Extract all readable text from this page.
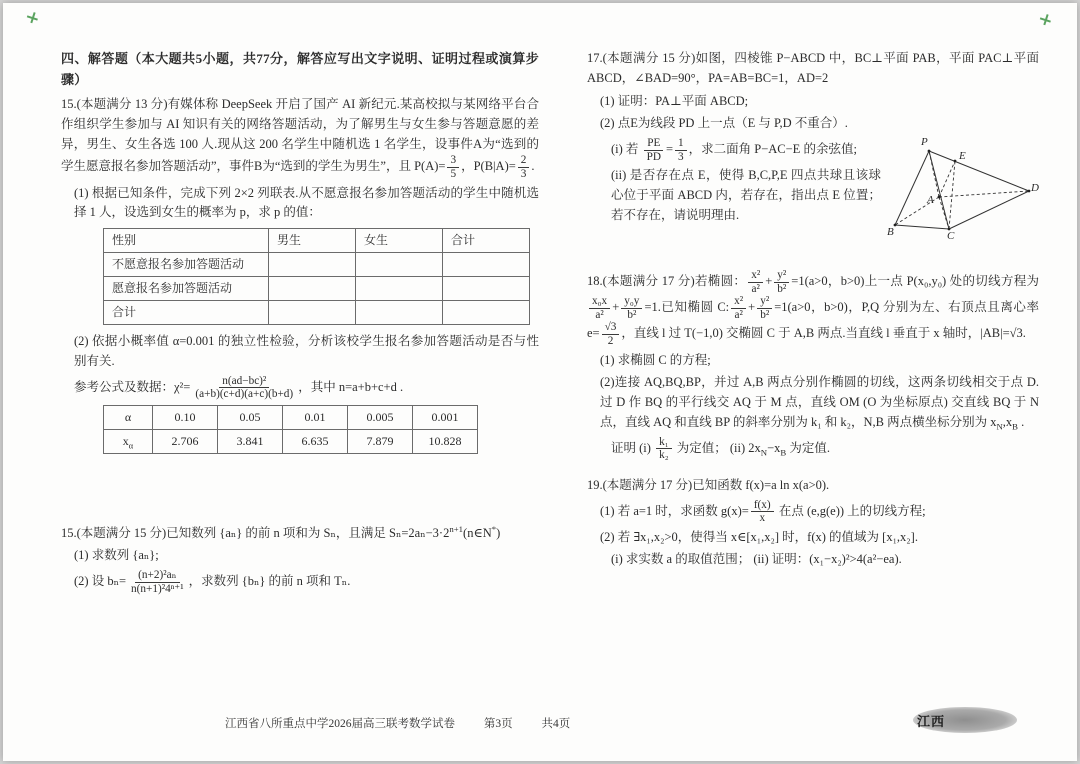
四、解答题（本大题共5小题，共77分，解答应写出文字说明、证明过程或演算步骤）

15.(本题满分 13 分)有媒体称 DeepSeek 开启了国产 AI 新纪元.某高校拟与某网络平台合作组织学生参加与 AI 知识有关的网络答题活动，为了解男生与女生参与答题意愿的差异，男生、女生各选 100 人.现从这 200 名学生中随机选 1 名学生，设事件A为“选到的学生愿意报名参加答题活动”，事件B为“选到的学生为男生”，且 $P(A)= \frac{3}{5}$ ，$P(B|A)= \frac{2}{3}$ .

(1) 根据已知条件，完成下列 2×2 列联表.从不愿意报名参加答题活动的学生中随机选择 1 人，设选到女生的概率为 p，求 p 的值：

性别	男生	女生	合计
不愿意报名参加答题活动			
愿意报名参加答题活动			
合计			

(2) 依据小概率值 α=0.001 的独立性检验，分析该校学生报名参加答题活动是否与性别有关.

参考公式及数据：$\chi^2= \frac{\text{n(ad−bc)²}}{(a+b)(c+d)(a+c)(b+d)}$ ，其中 n=a+b+c+d .

α	0.10	0.05	0.01	0.005	0.001
$x_\alpha$	2.706	3.841	6.635	7.879	10.828

15.(本题满分 15 分)已知数列 {aₙ} 的前 n 项和为 Sₙ，且满足 $S_n=2a_n-3\cdot 2^{n+1}(n\in N^*)$

(1) 求数列 {aₙ};

(2) 设 $b_n= \frac{\text{(n+2)²aₙ}}{\text{n(n+1)²4ⁿ⁺¹}}$ ，求数列 {bₙ} 的前 n 项和 Tₙ.

17.(本题满分 15 分)如图，四棱锥 P−ABCD 中，BC⊥平面 PAB，平面 PAC⊥平面 ABCD，∠BAD=90°，PA=AB=BC=1，AD=2

(1) 证明：PA⊥平面 ABCD;

(2) 点E为线段 PD 上一点（E 与 P,D 不重合）.

P
E
A
D
B	C

(i) 若 $\frac{PE}{PD} = \frac{1}{3}$ ，求二面角 P−AC−E 的余弦值;

(ii) 是否存在点 E，使得 B,C,P,E 四点共球且该球心位于平面 ABCD 内，若存在，指出点 E 位置；若不存在，请说明理由.

18.(本题满分 17 分)若椭圆： $\frac{\text{x²}}{\text{a²}} + \frac{\text{y²}}{\text{b²}} =1(a>0$，b>0)上一点 P(x₀,y₀) 处的切线方程为
$\frac{\text{x₀x}}{\text{a²}} + \frac{\text{y₀y}}{\text{b²}} =1$.已知椭圆 C: $\frac{\text{x²}}{\text{a²}} + \frac{\text{y²}}{\text{b²}} =1(a>0$，b>0)，P,Q 分别为左、右顶点且离心率 $e= \frac{√3}{2}$ ，直线 l 过 T(−1,0) 交椭圆 C 于 A,B 两点.当直线 l 垂直于 x 轴时，|AB|=√3.

(1) 求椭圆 C 的方程;

(2)连接 AQ,BQ,BP，并过 A,B 两点分别作椭圆的切线，这两条切线相交于点 D.过 D 作 BQ 的平行线交 AQ 于 M 点，直线 OM (O 为坐标原点) 交直线 BQ 于 N 点，直线 AQ 和直线 BP 的斜率分别为 k₁ 和 k₂，N,B 两点横坐标分别为 $x_N,x_B$ .

证明 $(i) \frac{\text{k₁}}{\text{k₂}}$ 为定值； (ii) $2x_N-x_B$ 为定值.

19.(本题满分 17 分)已知函数 f(x)=a ln x(a>0).

(1) 若 a=1 时，求函数 $g(x)= \frac{f(x)}{x}$ 在点 (e,g(e)) 上的切线方程;

(2) 若 ∃x₁,x₂>0，使得当 x∈[x₁,x₂] 时，f(x) 的值域为 [x₁,x₂].

(i) 求实数 a 的取值范围； (ii) 证明：(x₁−x₂)²>4(a²−ea).

江西省八所重点中学2026届高三联考数学试卷	第3页	共4页	江西
